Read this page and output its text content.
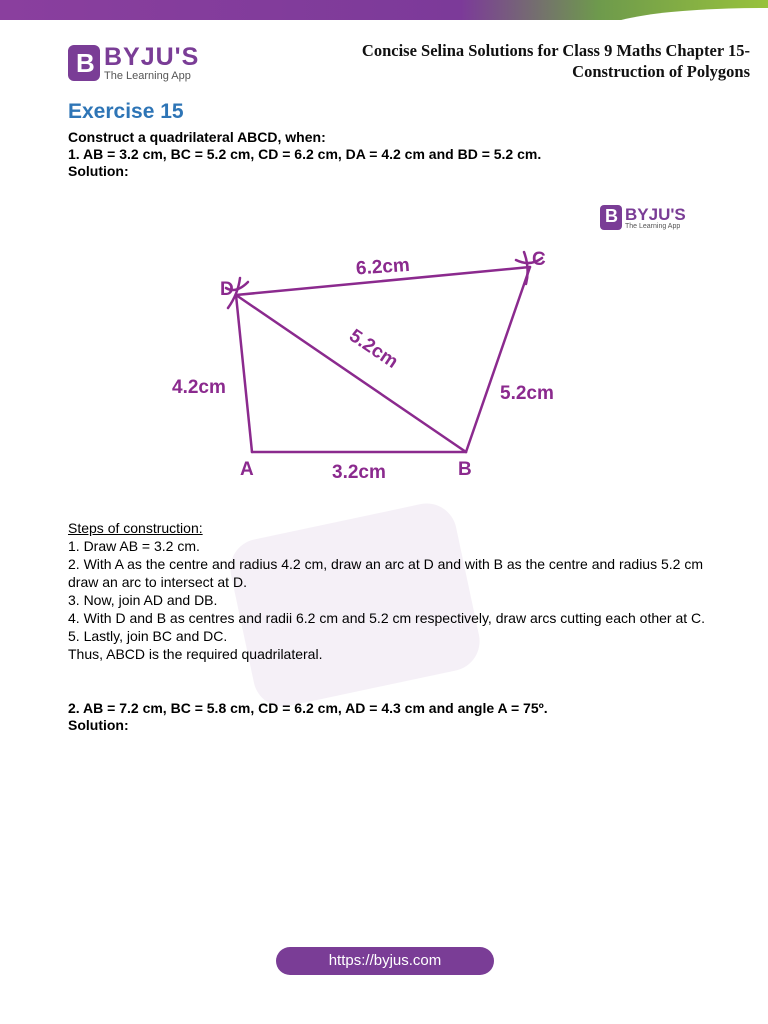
B BYJU'S
The Learning App
Concise Selina Solutions for Class 9 Maths Chapter 15-
Construction of Polygons
Exercise 15
Construct a quadrilateral ABCD, when:
1. AB = 3.2 cm, BC = 5.2 cm, CD = 6.2 cm, DA = 4.2 cm and BD = 5.2 cm.
Solution:
B BYJU'S
The Learning App
A	B
C
D
3.2cm
5.2cm
6.2cm
4.2cm
5.2cm
Steps of construction:
1. Draw AB = 3.2 cm.
2. With A as the centre and radius 4.2 cm, draw an arc at D and with B as the centre and radius 5.2 cm draw an arc to intersect at D.
3. Now, join AD and DB.
4. With D and B as centres and radii 6.2 cm and 5.2 cm respectively, draw arcs cutting each other at C.
5. Lastly, join BC and DC.
Thus, ABCD is the required quadrilateral.
2. AB = 7.2 cm, BC = 5.8 cm, CD = 6.2 cm, AD = 4.3 cm and angle A = 75º.
Solution:
https://byjus.com
